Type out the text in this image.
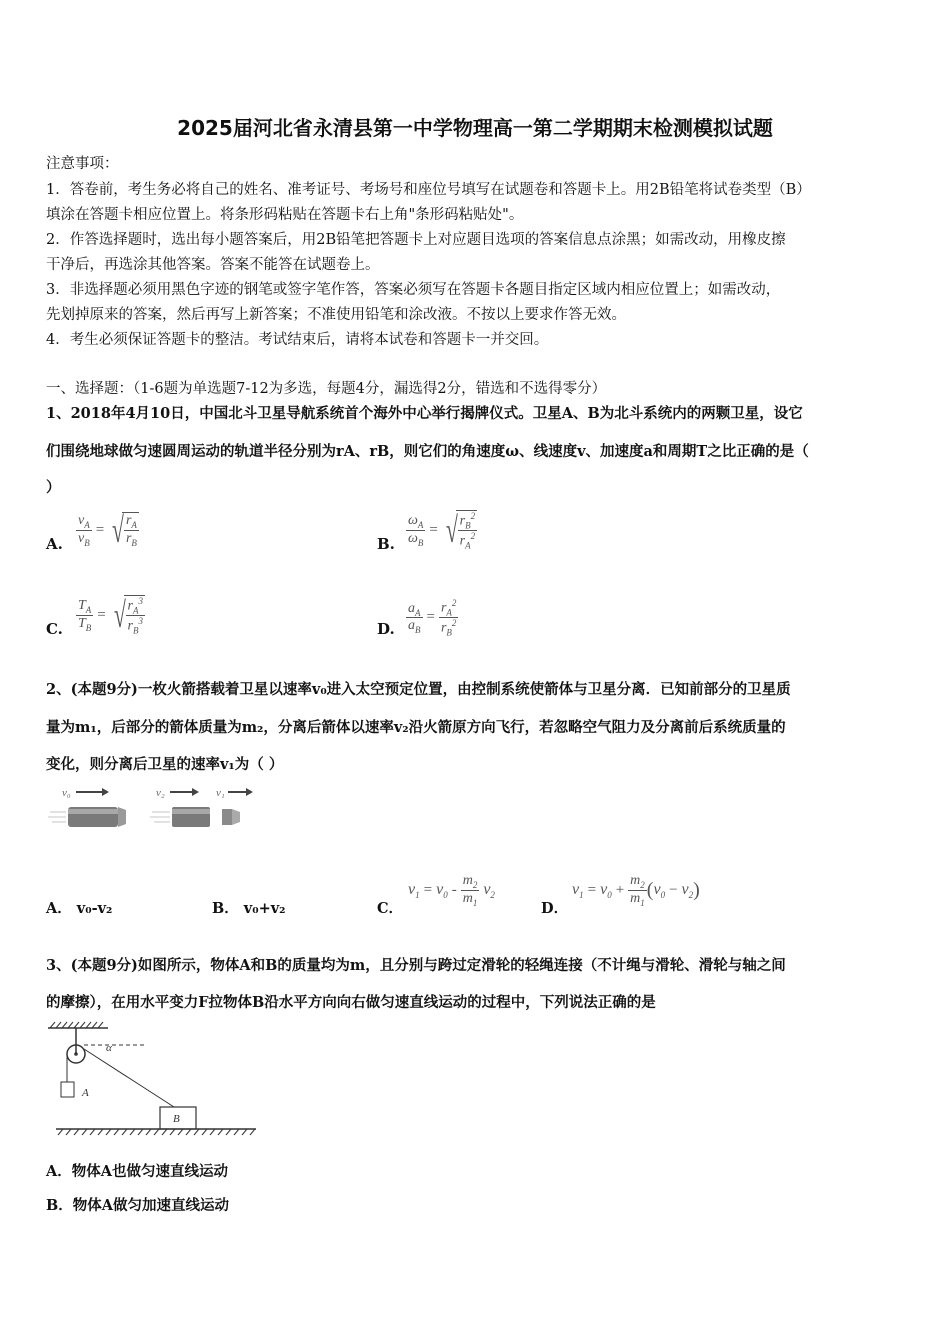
2025届河北省永清县第一中学物理高一第二学期期末检测模拟试题
注意事项：
1．答卷前，考生务必将自己的姓名、准考证号、考场号和座位号填写在试题卷和答题卡上。用2B铅笔将试卷类型（B）
填涂在答题卡相应位置上。将条形码粘贴在答题卡右上角"条形码粘贴处"。
2．作答选择题时，选出每小题答案后，用2B铅笔把答题卡上对应题目选项的答案信息点涂黑；如需改动，用橡皮擦
干净后，再选涂其他答案。答案不能答在试题卷上。
3．非选择题必须用黑色字迹的钢笔或签字笔作答，答案必须写在答题卡各题目指定区域内相应位置上；如需改动，
先划掉原来的答案，然后再写上新答案；不准使用铅笔和涂改液。不按以上要求作答无效。
4．考生必须保证答题卡的整洁。考试结束后，请将本试卷和答题卡一并交回。
一、选择题：（1-6题为单选题7-12为多选，每题4分，漏选得2分，错选和不选得零分）
1、2018年4月10日，中国北斗卫星导航系统首个海外中心举行揭牌仪式。卫星A、B为北斗系统内的两颗卫星，设它
们围绕地球做匀速圆周运动的轨道半径分别为rA、rB，则它们的角速度ω、线速度v、加速度a和周期T之比正确的是（
）
A. $\frac{v_A}{v_B}$ = √
$\frac{r_A}{r_B}$	B. $\frac{\omega_A}{\omega_B}$ = √
$\frac{r_B^2}{r_A^2}$
C. $\frac{T_A}{T_B}$ = √
$\frac{r_A^3}{r_B^3}$	D. $\frac{a_A}{a_B} = \frac{r_A^2}{r_B^2}$
2、(本题9分)一枚火箭搭载着卫星以速率v₀进入太空预定位置，由控制系统使箭体与卫星分离．已知前部分的卫星质
量为m₁，后部分的箭体质量为m₂，分离后箭体以速率v₂沿火箭原方向飞行，若忽略空气阻力及分离前后系统质量的
变化，则分离后卫星的速率v₁为（ ）
v₀	v₂	v₁
A． v₀-v₂	B． v₀+v₂	C．
$v_1 = v_0 - \frac{m_2}{m_1} v_2$
D．
$v_1 = v_0 + \frac{m_2}{m_1} (v_0 - v_2)$
3、(本题9分)如图所示，物体A和B的质量均为m，且分别与跨过定滑轮的轻绳连接（不计绳与滑轮、滑轮与轴之间
的摩擦），在用水平变力F拉物体B沿水平方向向右做匀速直线运动的过程中，下列说法正确的是
A
α
B
A．物体A也做匀速直线运动
B．物体A做匀加速直线运动
